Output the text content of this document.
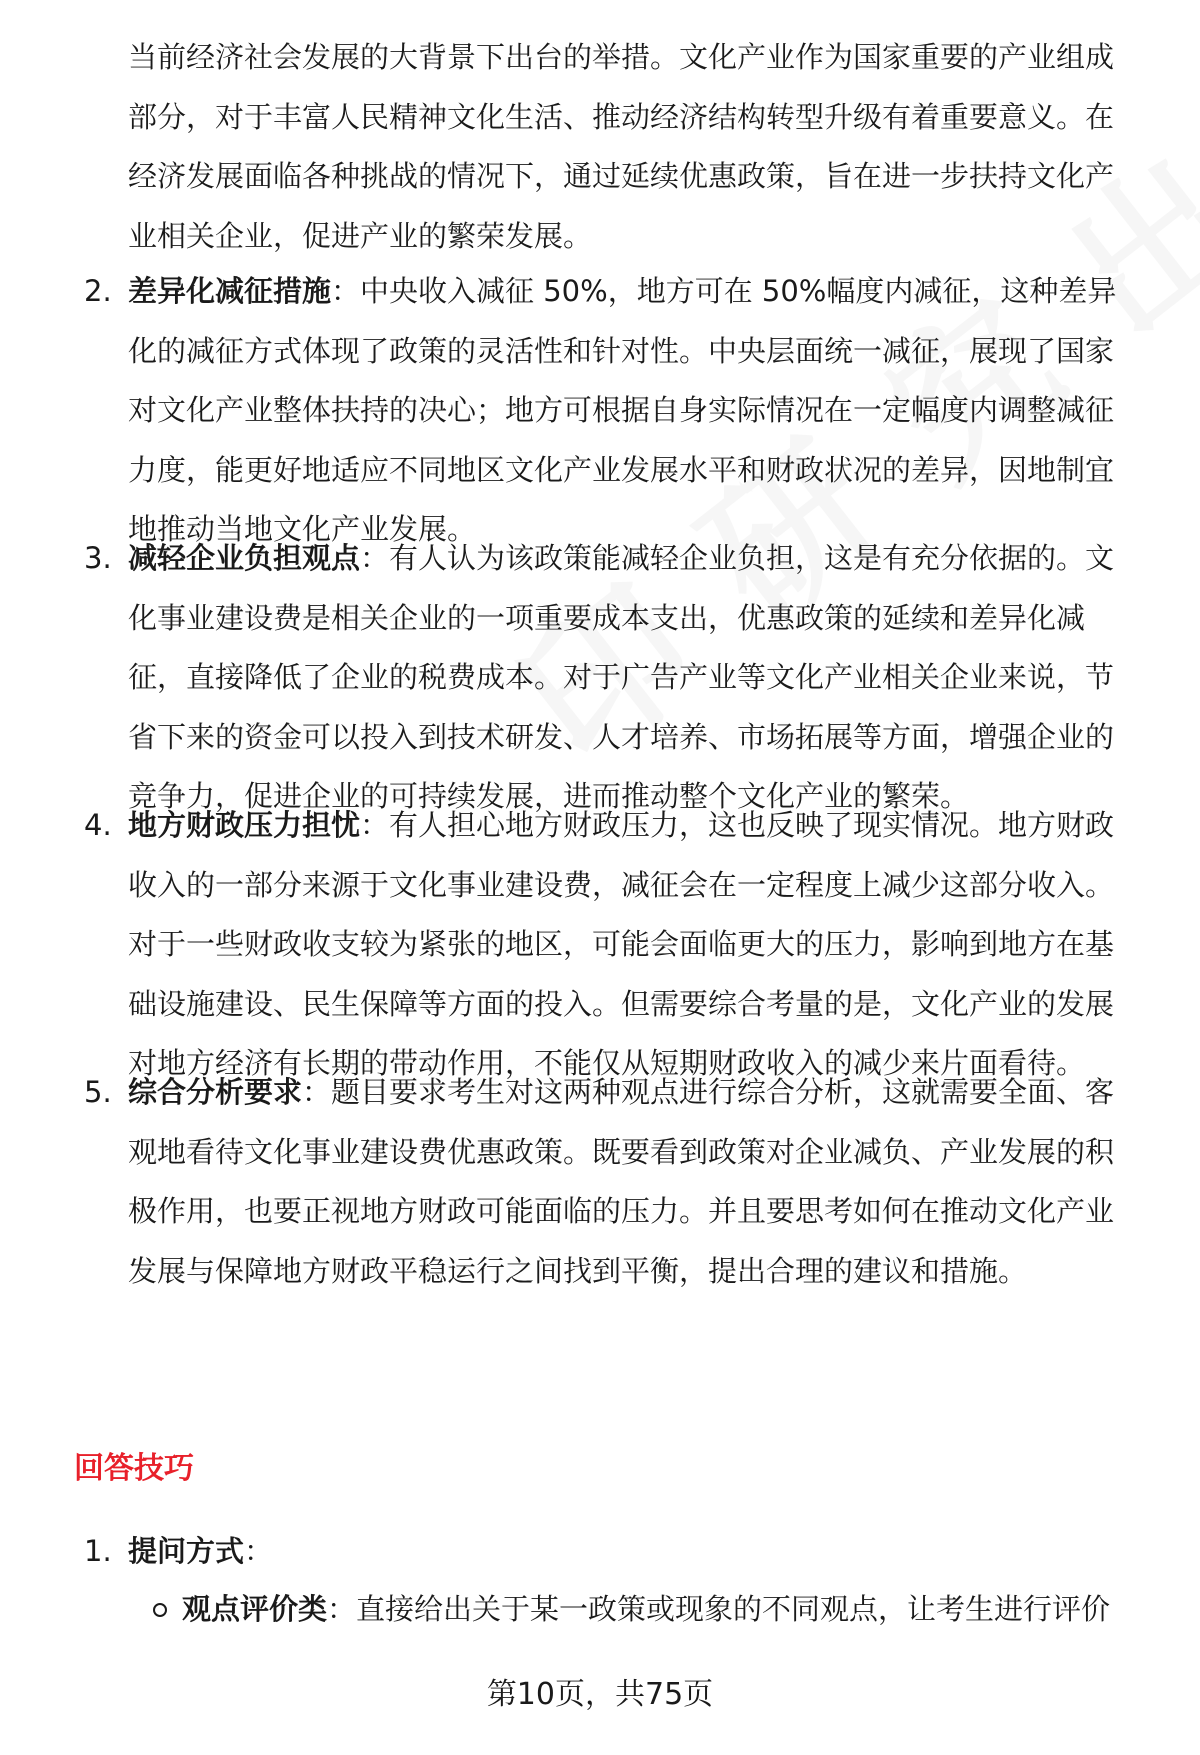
当前经济社会发展的大背景下出台的举措。文化产业作为国家重要的产业组成部分，对于丰富人民精神文化生活、推动经济结构转型升级有着重要意义。在经济发展面临各种挑战的情况下，通过延续优惠政策，旨在进一步扶持文化产业相关企业，促进产业的繁荣发展。

2. 差异化减征措施：中央收入减征 50%，地方可在 50%幅度内减征，这种差异化的减征方式体现了政策的灵活性和针对性。中央层面统一减征，展现了国家对文化产业整体扶持的决心；地方可根据自身实际情况在一定幅度内调整减征力度，能更好地适应不同地区文化产业发展水平和财政状况的差异，因地制宜地推动当地文化产业发展。

3. 减轻企业负担观点：有人认为该政策能减轻企业负担，这是有充分依据的。文化事业建设费是相关企业的一项重要成本支出，优惠政策的延续和差异化减征，直接降低了企业的税费成本。对于广告产业等文化产业相关企业来说，节省下来的资金可以投入到技术研发、人才培养、市场拓展等方面，增强企业的竞争力，促进企业的可持续发展，进而推动整个文化产业的繁荣。

4. 地方财政压力担忧：有人担心地方财政压力，这也反映了现实情况。地方财政收入的一部分来源于文化事业建设费，减征会在一定程度上减少这部分收入。对于一些财政收支较为紧张的地区，可能会面临更大的压力，影响到地方在基础设施建设、民生保障等方面的投入。但需要综合考量的是，文化产业的发展对地方经济有长期的带动作用，不能仅从短期财政收入的减少来片面看待。

5. 综合分析要求：题目要求考生对这两种观点进行综合分析，这就需要全面、客观地看待文化事业建设费优惠政策。既要看到政策对企业减负、产业发展的积极作用，也要正视地方财政可能面临的压力。并且要思考如何在推动文化产业发展与保障地方财政平稳运行之间找到平衡，提出合理的建议和措施。

回答技巧
1. 提问方式：
观点评价类：直接给出关于某一政策或现象的不同观点，让考生进行评价
第10页，共75页
